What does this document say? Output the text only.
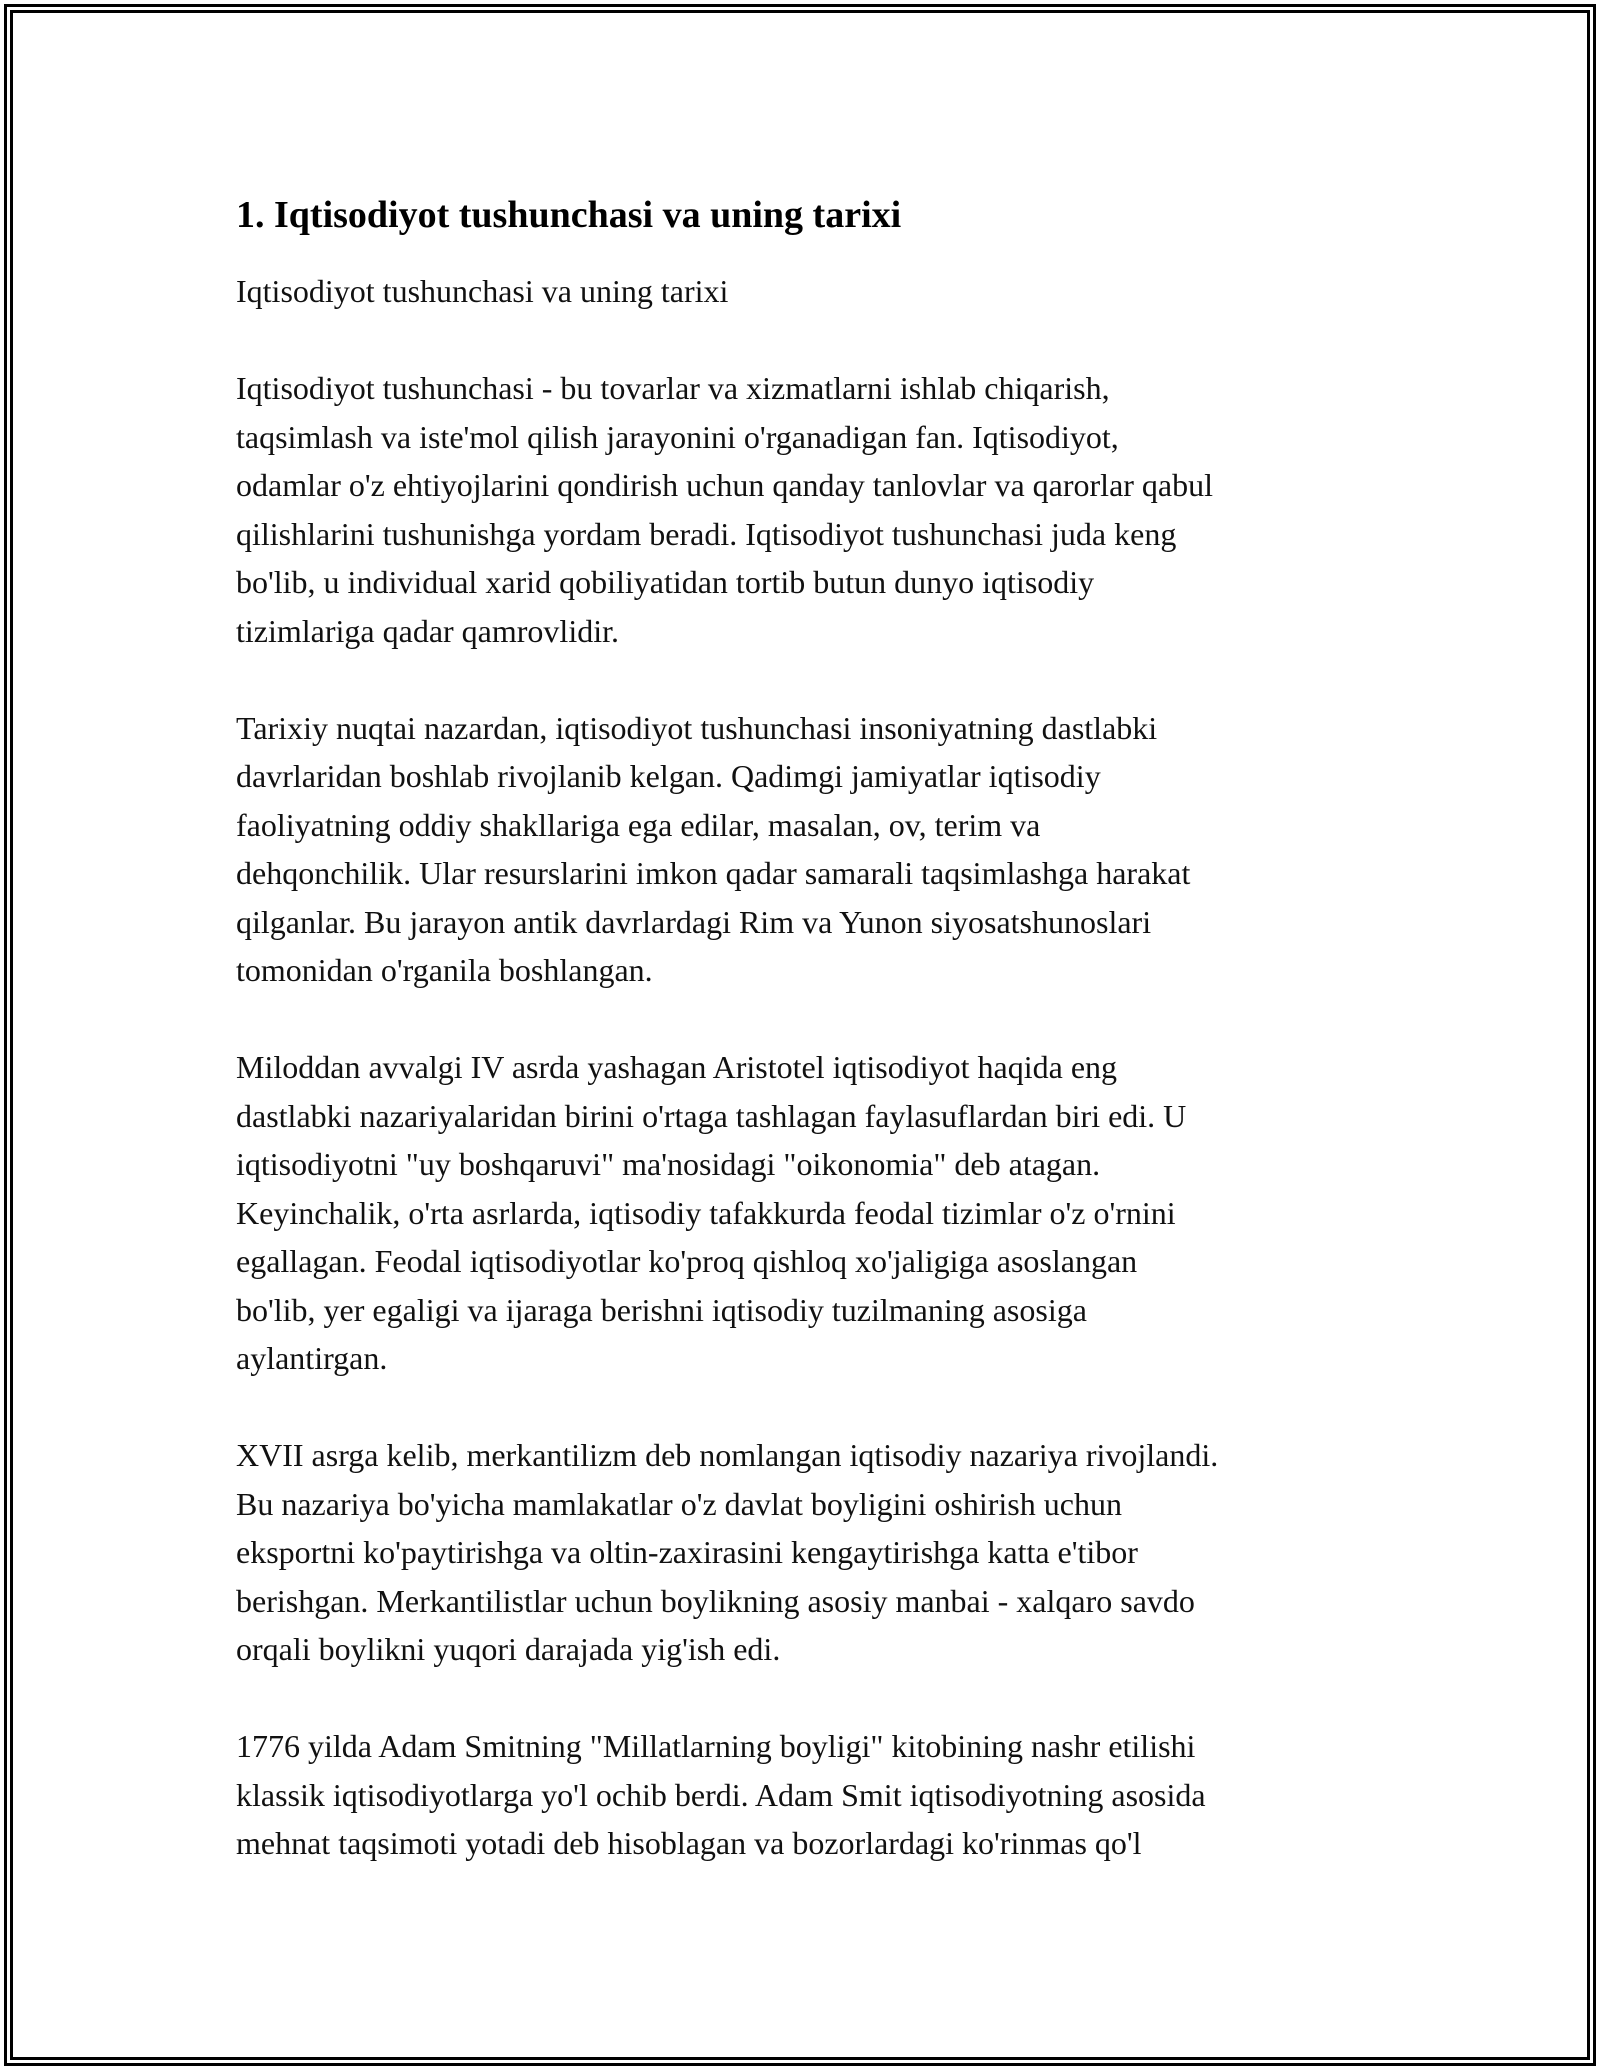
1. Iqtisodiyot tushunchasi va uning tarixi

Iqtisodiyot tushunchasi va uning tarixi

Iqtisodiyot tushunchasi - bu tovarlar va xizmatlarni ishlab chiqarish,
taqsimlash va iste'mol qilish jarayonini o'rganadigan fan. Iqtisodiyot,
odamlar o'z ehtiyojlarini qondirish uchun qanday tanlovlar va qarorlar qabul
qilishlarini tushunishga yordam beradi. Iqtisodiyot tushunchasi juda keng
bo'lib, u individual xarid qobiliyatidan tortib butun dunyo iqtisodiy
tizimlariga qadar qamrovlidir.

Tarixiy nuqtai nazardan, iqtisodiyot tushunchasi insoniyatning dastlabki
davrlaridan boshlab rivojlanib kelgan. Qadimgi jamiyatlar iqtisodiy
faoliyatning oddiy shakllariga ega edilar, masalan, ov, terim va
dehqonchilik. Ular resurslarini imkon qadar samarali taqsimlashga harakat
qilganlar. Bu jarayon antik davrlardagi Rim va Yunon siyosatshunoslari
tomonidan o'rganila boshlangan.

Miloddan avvalgi IV asrda yashagan Aristotel iqtisodiyot haqida eng
dastlabki nazariyalaridan birini o'rtaga tashlagan faylasuflardan biri edi. U
iqtisodiyotni "uy boshqaruvi" ma'nosidagi "oikonomia" deb atagan.
Keyinchalik, o'rta asrlarda, iqtisodiy tafakkurda feodal tizimlar o'z o'rnini
egallagan. Feodal iqtisodiyotlar ko'proq qishloq xo'jaligiga asoslangan
bo'lib, yer egaligi va ijaraga berishni iqtisodiy tuzilmaning asosiga
aylantirgan.

XVII asrga kelib, merkantilizm deb nomlangan iqtisodiy nazariya rivojlandi.
Bu nazariya bo'yicha mamlakatlar o'z davlat boyligini oshirish uchun
eksportni ko'paytirishga va oltin-zaxirasini kengaytirishga katta e'tibor
berishgan. Merkantilistlar uchun boylikning asosiy manbai - xalqaro savdo
orqali boylikni yuqori darajada yig'ish edi.

1776 yilda Adam Smitning "Millatlarning boyligi" kitobining nashr etilishi
klassik iqtisodiyotlarga yo'l ochib berdi. Adam Smit iqtisodiyotning asosida
mehnat taqsimoti yotadi deb hisoblagan va bozorlardagi ko'rinmas qo'l
